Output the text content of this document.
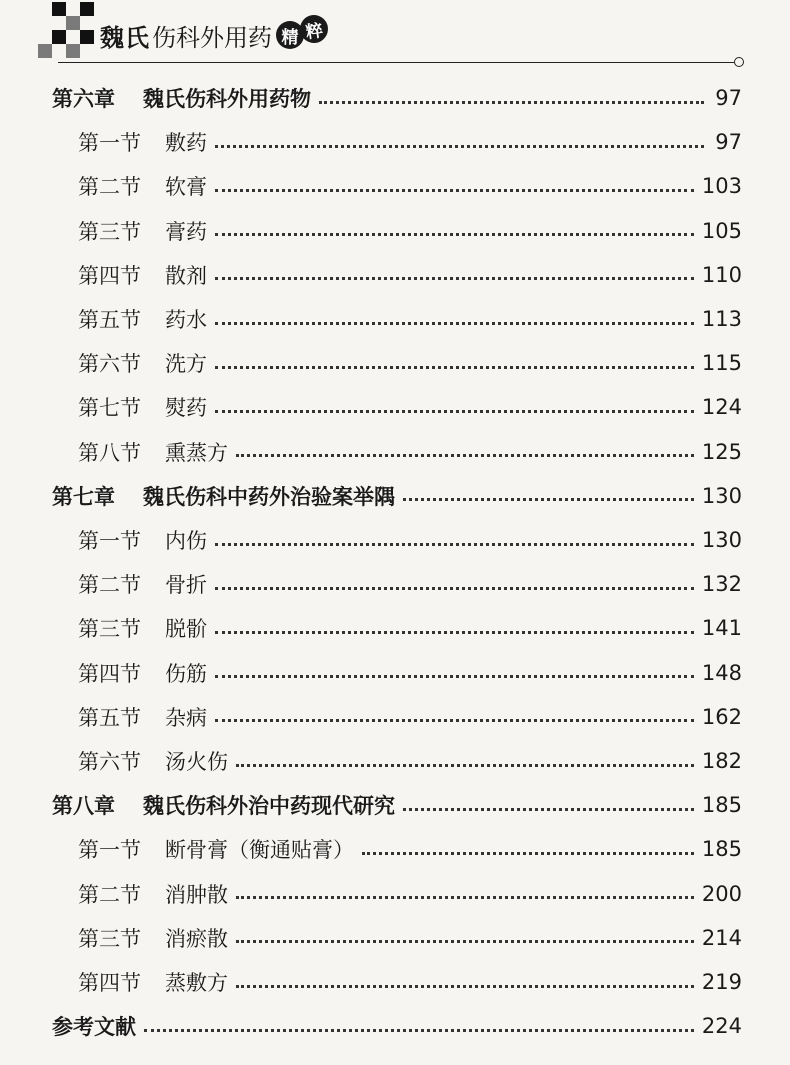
魏氏 伤科外用药 精 粹
第六章 魏氏伤科外用药物	97
第一节 敷药	97
第二节 软膏	103
第三节 膏药	105
第四节 散剂	110
第五节 药水	113
第六节 洗方	115
第七节 熨药	124
第八节 熏蒸方	125
第七章 魏氏伤科中药外治验案举隅	130
第一节 内伤	130
第二节 骨折	132
第三节 脱骱	141
第四节 伤筋	148
第五节 杂病	162
第六节 汤火伤	182
第八章 魏氏伤科外治中药现代研究	185
第一节 断骨膏（衡通贴膏）	185
第二节 消肿散	200
第三节 消瘀散	214
第四节 蒸敷方	219
参考文献	224
